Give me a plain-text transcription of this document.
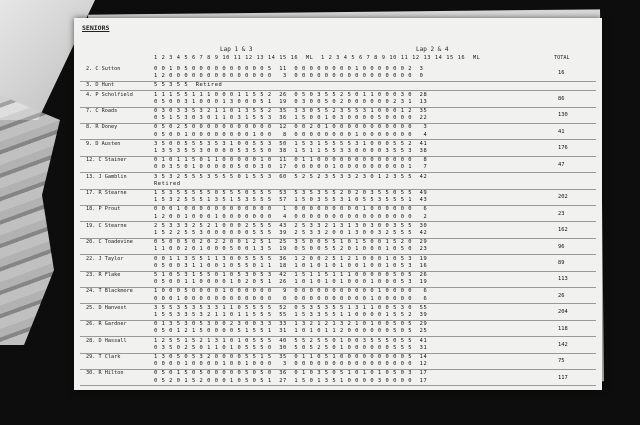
SENIORS
Lap 1 & 3	Lap 2 & 4
1 2 3 4 5 6 7 8 9 10 11 12 13 14 15 16  ML  1 2 3 4 5 6 7 8 9 10 11 12 13 14 15 16  ML	TOTAL
2. C Sutton	0 0 1 0 5 0 0 0 0 0 0 0 0 0 0 5  11  0 0 0 0 0 0 0 0 1 0 0 0 0 0 0 2  3
1 2 0 0 0 0 0 0 0 0 0 0 0 0 0 0   3  0 0 0 0 0 0 0 0 0 0 0 0 0 0 0 0  0	16
3. D Hunt	5 5 3 5 5  Retired
4. P Scholfield	1 1 1 5 5 1 1 1 0 0 0 1 1 5 5 2  26  0 5 0 3 5 5 2 5 0 1 1 0 0 0 3 0  28
0 5 0 0 3 1 0 0 0 1 3 0 0 0 5 1  19  0 3 0 0 5 0 2 0 0 0 0 0 0 2 3 1  13	86
7. C Roads	0 3 0 3 3 5 3 2 1 1 0 1 3 5 5 2  35  3 3 0 5 5 2 3 5 5 3 1 0 0 0 1 2  35
0 5 1 5 3 0 3 0 1 1 0 3 1 5 5 3  36  1 5 0 0 1 0 3 0 0 0 0 5 0 0 0 0  22	130
8. R Doney	0 5 0 2 5 0 0 0 0 0 0 0 0 0 0 0  12  0 0 2 0 1 0 0 0 0 0 0 0 0 0 0 0   3
0 5 0 0 1 0 0 0 0 0 0 0 0 1 0 0   8  0 0 0 0 0 0 0 0 1 0 0 0 0 0 0 0   4	41
9. D Austen	3 5 0 0 5 5 5 3 5 3 1 0 0 5 5 3  50  1 5 3 1 5 5 5 5 3 1 0 0 0 5 5 2  41
1 3 5 3 5 5 3 0 0 0 0 5 3 5 5 0  38  1 5 1 1 5 5 3 3 0 0 0 0 3 5 5 3  38	176
12. C Stainer	0 1 0 1 1 5 0 1 1 0 0 0 0 0 1 0  11  0 1 1 0 0 0 0 0 0 0 0 0 0 0 0 0   8
0 0 3 5 0 1 0 0 0 0 0 5 0 0 3 0  17  0 0 0 0 0 1 0 0 0 0 0 0 0 0 0 1   7	47
13. J Gamblin	3 5 3 2 5 5 5 3 5 5 5 0 1 5 5 3  60  5 2 5 2 3 5 3 3 2 3 0 1 2 3 5 5  42
Retired
17. R Stearne	1 5 3 5 5 5 5 5 0 5 5 5 0 5 5 5  53  5 3 5 3 5 5 2 0 2 0 3 5 5 0 5 5  49
1 5 3 2 5 5 5 1 3 5 1 5 3 5 5 5  57  1 5 0 3 5 5 3 1 0 5 5 3 5 5 5 1  43	202
18. P Prout	0 0 0 1 0 0 0 0 0 0 0 0 0 0 0 0   1  0 0 0 0 0 0 0 0 0 1 0 0 0 0 0 0   6
1 2 0 0 1 0 0 0 1 0 0 0 0 0 0 0   4  0 0 0 0 0 0 0 0 0 0 0 0 0 0 0 0   2	23
19. C Stearne	2 5 3 3 3 2 5 2 1 0 0 0 2 5 5 5  43  2 5 3 3 2 1 3 1 3 0 3 0 0 3 5 5  30
1 5 2 2 5 5 3 0 0 0 0 0 0 5 5 5  39  2 5 3 3 2 0 0 1 3 0 0 3 2 5 5 5  42	162
20. C Toadevine	0 5 0 0 5 0 2 0 2 2 0 0 1 2 5 1  25  3 5 0 0 5 5 1 0 1 5 0 0 1 5 2 0  29
1 1 0 0 2 0 1 0 0 0 5 0 0 1 3 5  19  0 5 0 0 5 5 2 0 1 0 0 0 1 0 5 0  23	96
22. J Taylor	0 0 1 1 3 5 5 1 1 3 0 0 5 5 5 5  36  1 2 0 0 2 5 1 2 1 0 0 0 1 0 5 3  19
0 5 0 0 3 1 1 0 0 1 0 5 5 0 1 1  18  1 0 1 0 1 0 1 0 0 1 0 0 1 0 5 3  16	89
23. R Flake	5 1 0 5 3 1 5 5 0 1 0 5 3 0 5 3  42  1 5 1 1 5 1 1 1 0 0 0 0 0 5 0 5  26
0 5 0 0 1 1 0 0 0 0 1 0 2 0 5 1  26  1 0 1 0 1 0 1 0 0 0 1 0 0 0 5 3  19	113
24. T Blackmore	1 0 0 0 5 0 0 0 0 1 0 0 0 0 0 0   9  0 0 0 0 0 0 0 0 0 0 0 1 0 0 0 0   6
0 0 0 1 0 0 0 0 0 0 0 0 0 0 0 0   0  0 0 0 0 0 0 0 0 0 0 1 0 0 0 0 0   6	26
25. D Hanvest	3 5 5 3 5 3 5 3 3 1 1 0 5 5 5 5  52  0 5 3 5 3 5 5 1 3 1 1 0 0 5 3 0  55
1 5 5 3 3 5 3 2 1 1 0 1 1 5 5 5  55  1 5 3 3 5 5 1 1 0 0 0 0 1 5 5 2  39	204
26. R Gardner	0 1 3 5 3 0 5 3 0 0 2 3 0 0 3 3  33  1 3 2 1 2 1 3 2 1 0 1 0 0 5 0 5  29
0 5 0 1 2 1 5 0 0 0 0 5 1 5 5 1  31  1 0 1 0 1 1 2 0 0 0 0 0 0 5 0 5  25	118
28. D Hassall	1 2 5 5 1 5 2 1 3 1 0 1 0 5 5 5  40  5 5 2 5 5 0 1 0 0 3 5 5 5 0 5 5  41
0 3 5 0 2 5 0 1 1 0 1 0 5 5 5 0  30  5 0 5 2 5 0 1 0 0 0 0 0 0 5 5 5  31	142
29. T Clark	1 3 0 5 0 5 3 2 0 0 0 0 5 5 1 5  35  0 1 1 0 5 1 0 0 0 0 0 0 0 0 0 5  14
0 0 0 0 1 0 0 0 0 1 0 0 1 0 0 0   3  0 0 0 0 0 0 0 0 0 0 0 0 0 0 0 0  12	75
30. R Hilton	0 5 0 1 5 0 5 0 0 0 0 0 5 0 5 0  36  0 1 0 3 5 0 5 1 0 1 0 1 0 5 0 3  17
0 5 2 0 1 5 2 0 0 0 1 0 5 0 5 1  27  1 5 0 1 3 5 1 0 0 0 0 3 0 0 0 0  17	117
